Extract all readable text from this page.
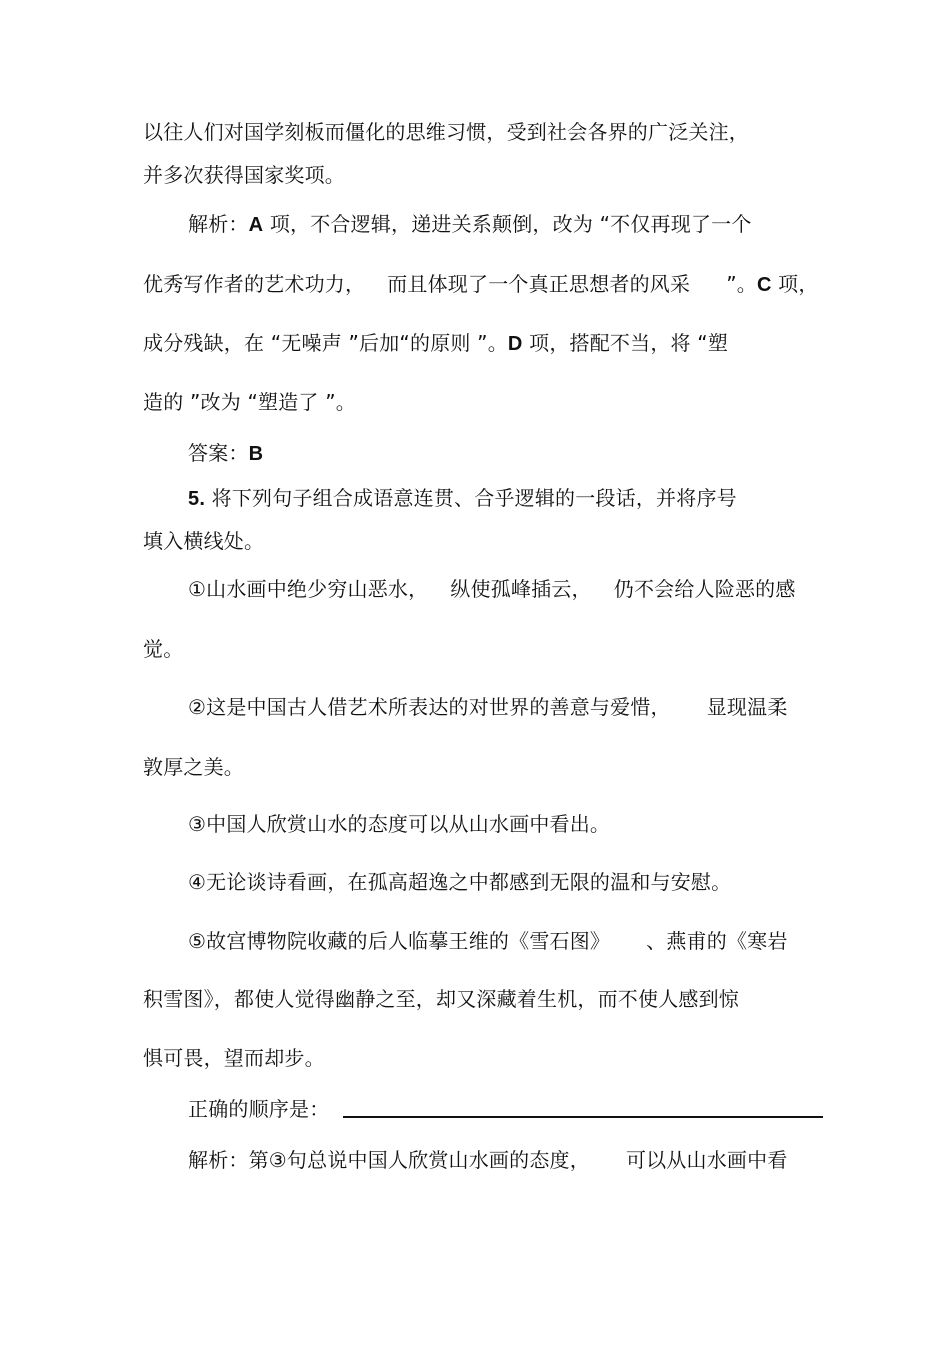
以往人们对国学刻板而僵化的思维习惯，受到社会各界的广泛关注，
并多次获得国家奖项。
解析：A 项，不合逻辑，递进关系颠倒，改为 “不仅再现了一个
优秀写作者的艺术功力， 而且体现了一个真正思想者的风采 ”。C 项，
成分残缺，在 “无噪声 ”后加“的原则 ”。D 项，搭配不当，将 “塑
造的 ”改为 “塑造了 ”。
答案：B
5. 将下列句子组合成语意连贯、合乎逻辑的一段话，并将序号
填入横线处。
①山水画中绝少穷山恶水， 纵使孤峰插云， 仍不会给人险恶的感
觉。
②这是中国古人借艺术所表达的对世界的善意与爱惜， 显现温柔
敦厚之美。
③中国人欣赏山水的态度可以从山水画中看出。
④无论谈诗看画，在孤高超逸之中都感到无限的温和与安慰。
⑤故宫博物院收藏的后人临摹王维的《雪石图》 、燕甫的《寒岩
积雪图》，都使人觉得幽静之至，却又深藏着生机，而不使人感到惊
惧可畏，望而却步。
正确的顺序是：
解析：第③句总说中国人欣赏山水画的态度， 可以从山水画中看
